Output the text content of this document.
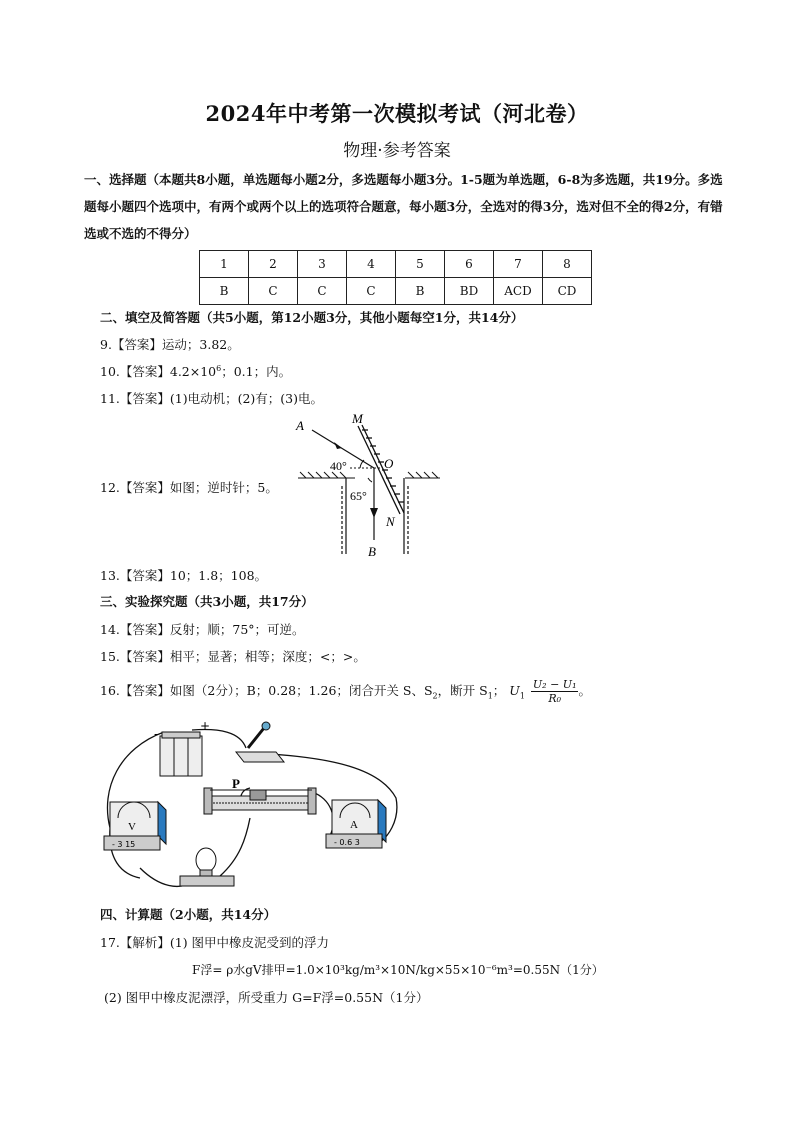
2024年中考第一次模拟考试（河北卷）
物理·参考答案
一、选择题（本题共8小题，单选题每小题2分，多选题每小题3分。1-5题为单选题，6-8为多选题，共19分。多选题每小题四个选项中，有两个或两个以上的选项符合题意，每小题3分，全选对的得3分，选对但不全的得2分，有错选或不选的不得分）
1	2	3	4	5	6	7	8
B	C	C	C	B	BD	ACD	CD
二、填空及简答题（共5小题，第12小题3分，其他小题每空1分，共14分）
9.【答案】运动；3.82。
10.【答案】$4.2\times 10^6$；0.1；内。
11.【答案】(1)电动机；(2)有；(3)电。
12.【答案】如图；逆时针；5。
A	M
O
N
B
40°
65°
13.【答案】10；1.8；108。
三、实验探究题（共3小题，共17分）
14.【答案】反射；顺；75°；可逆。
15.【答案】相平；显著；相等；深度；<；>。
16.【答案】如图（2分）；B；0.28；1.26；闭合开关 S、$S_2$，断开 $S_1$； $U_1 \frac{\text{U₂ − U₁}}{\text{R₀}}$ 。
+
-
P
V
- 3 15
A
- 0.6 3
四、计算题（2小题，共14分）
17.【解析】(1) 图甲中橡皮泥受到的浮力
F浮= ρ水gV排甲=1.0×10³kg/m³×10N/kg×55×10⁻⁶m³=0.55N（1分）
(2) 图甲中橡皮泥漂浮，所受重力 G=F浮=0.55N（1分）
